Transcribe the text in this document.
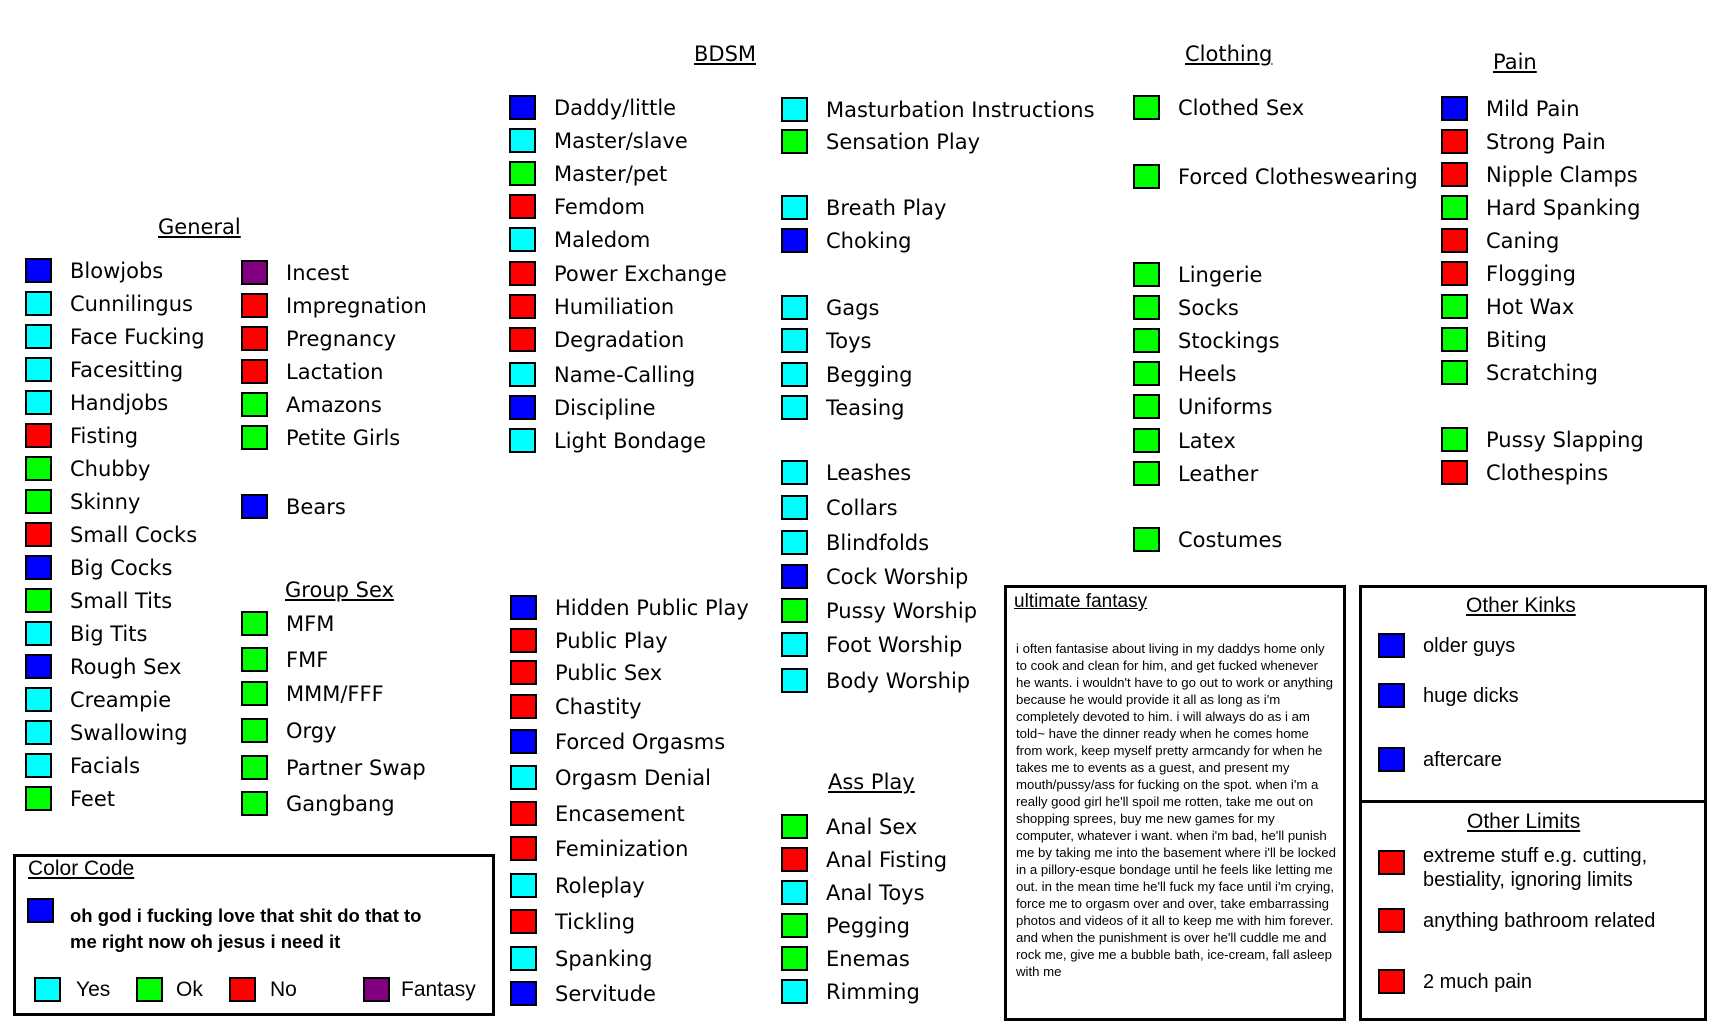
General
BDSM	Clothing	Pain
Group Sex
Ass Play
Blowjobs
Cunnilingus
Face Fucking
Facesitting
Handjobs
Fisting
Chubby
Skinny
Small Cocks
Big Cocks
Small Tits
Big Tits
Rough Sex
Creampie
Swallowing
Facials
Feet
Incest
Impregnation
Pregnancy
Lactation
Amazons
Petite Girls
Bears
MFM
FMF
MMM/FFF
Orgy
Partner Swap
Gangbang
Daddy/little
Master/slave
Master/pet
Femdom
Maledom
Power Exchange
Humiliation
Degradation
Name-Calling
Discipline
Light Bondage
Hidden Public Play
Public Play
Public Sex
Chastity
Forced Orgasms
Orgasm Denial
Encasement
Feminization
Roleplay
Tickling
Spanking
Servitude
Masturbation Instructions
Sensation Play
Breath Play
Choking
Gags
Toys
Begging
Teasing
Leashes
Collars
Blindfolds
Cock Worship
Pussy Worship
Foot Worship
Body Worship
Anal Sex
Anal Fisting
Anal Toys
Pegging
Enemas
Rimming
Clothed Sex
Forced Clotheswearing
Lingerie
Socks
Stockings
Heels
Uniforms
Latex
Leather
Costumes
Mild Pain
Strong Pain
Nipple Clamps
Hard Spanking
Caning
Flogging
Hot Wax
Biting
Scratching
Pussy Slapping
Clothespins
ultimate fantasy
i often fantasise about living in my daddys home only to cook and clean for him, and get fucked whenever he wants. i wouldn't have to go out to work or anything because he would provide it all as long as i'm completely devoted to him. i will always do as i am told~ have the dinner ready when he comes home from work, keep myself pretty armcandy for when he takes me to events as a guest, and present my mouth/pussy/ass for fucking on the spot. when i'm a really good girl he'll spoil me rotten, take me out on shopping sprees, buy me new games for my computer, whatever i want. when i'm bad, he'll punish me by taking me into the basement where i'll be locked in a pillory-esque bondage until he feels like letting me out. in the mean time he'll fuck my face until i'm crying, force me to orgasm over and over, take embarrassing photos and videos of it all to keep me with him forever. and when the punishment is over he'll cuddle me and rock me, give me a bubble bath, ice-cream, fall asleep with me
Other Kinks
Other Limits
older guys
huge dicks
aftercare
extreme stuff e.g. cutting, bestiality, ignoring limits
anything bathroom related
2 much pain
Color Code
oh god i fucking love that shit do that to me right now oh jesus i need it
Yes	Ok	No	Fantasy
